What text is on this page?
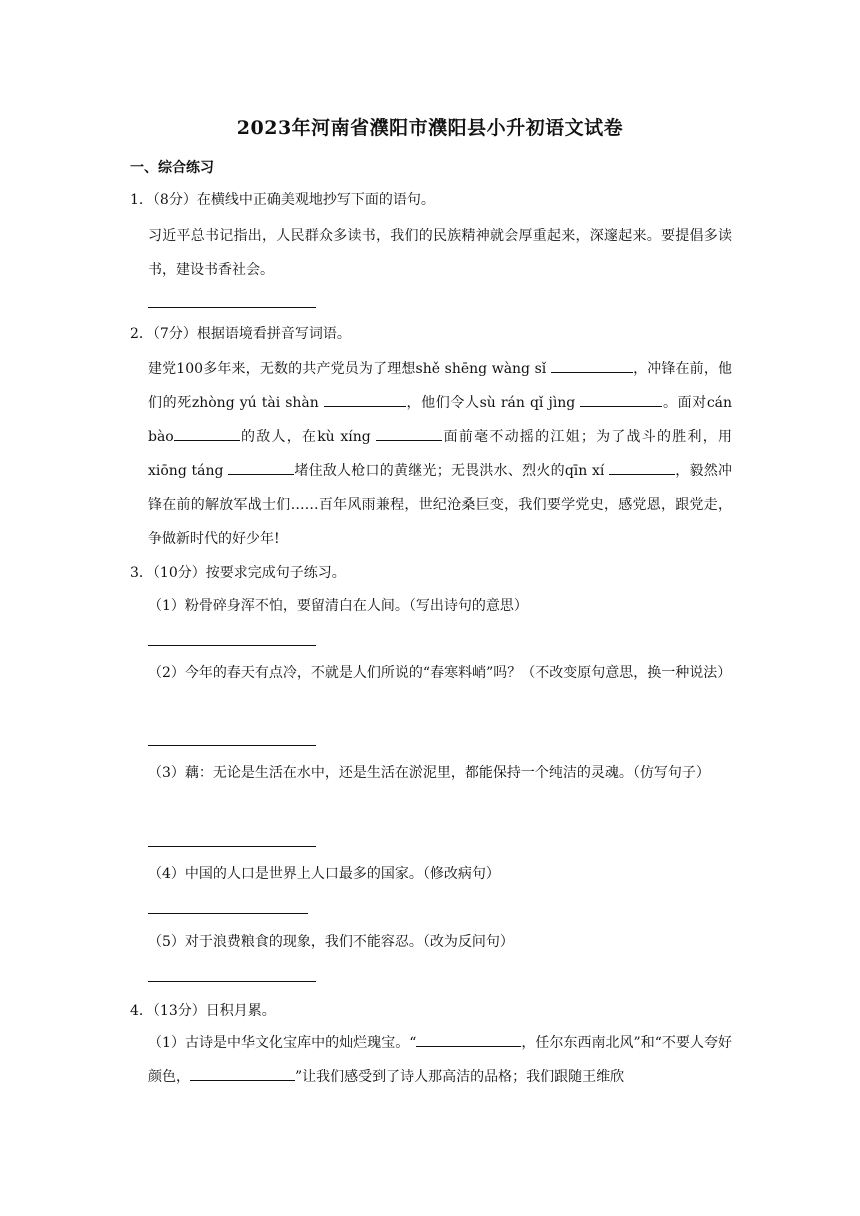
2023年河南省濮阳市濮阳县小升初语文试卷
一、综合练习
1．（8分）在横线中正确美观地抄写下面的语句。
习近平总书记指出，人民群众多读书，我们的民族精神就会厚重起来，深邃起来。要提倡多读书，建设书香社会。
2．（7分）根据语境看拼音写词语。
建党100多年来，无数的共产党员为了理想shě shēng wàng sǐ	，冲锋在前，他们的死zhòng yú tài shàn	，他们令人sù rán qǐ jìng	。面对cán bào	的敌人，在kù xíng	面前毫不动摇的江姐；为了战斗的胜利，用xiōng táng	堵住敌人枪口的黄继光；无畏洪水、烈火的qīn xí	，毅然冲锋在前的解放军战士们……百年风雨兼程，世纪沧桑巨变，我们要学党史，感党恩，跟党走，争做新时代的好少年!
3．（10分）按要求完成句子练习。
（1）粉骨碎身浑不怕，要留清白在人间。（写出诗句的意思）
（2）今年的春天有点冷，不就是人们所说的“春寒料峭”吗？（不改变原句意思，换一种说法）
（3）藕：无论是生活在水中，还是生活在淤泥里，都能保持一个纯洁的灵魂。（仿写句子）
（4）中国的人口是世界上人口最多的国家。（修改病句）
（5）对于浪费粮食的现象，我们不能容忍。（改为反问句）
4．（13分）日积月累。
（1）古诗是中华文化宝库中的灿烂瑰宝。“	，任尔东西南北风”和“不要人夸好颜色，	”让我们感受到了诗人那高洁的品格；我们跟随王维欣
